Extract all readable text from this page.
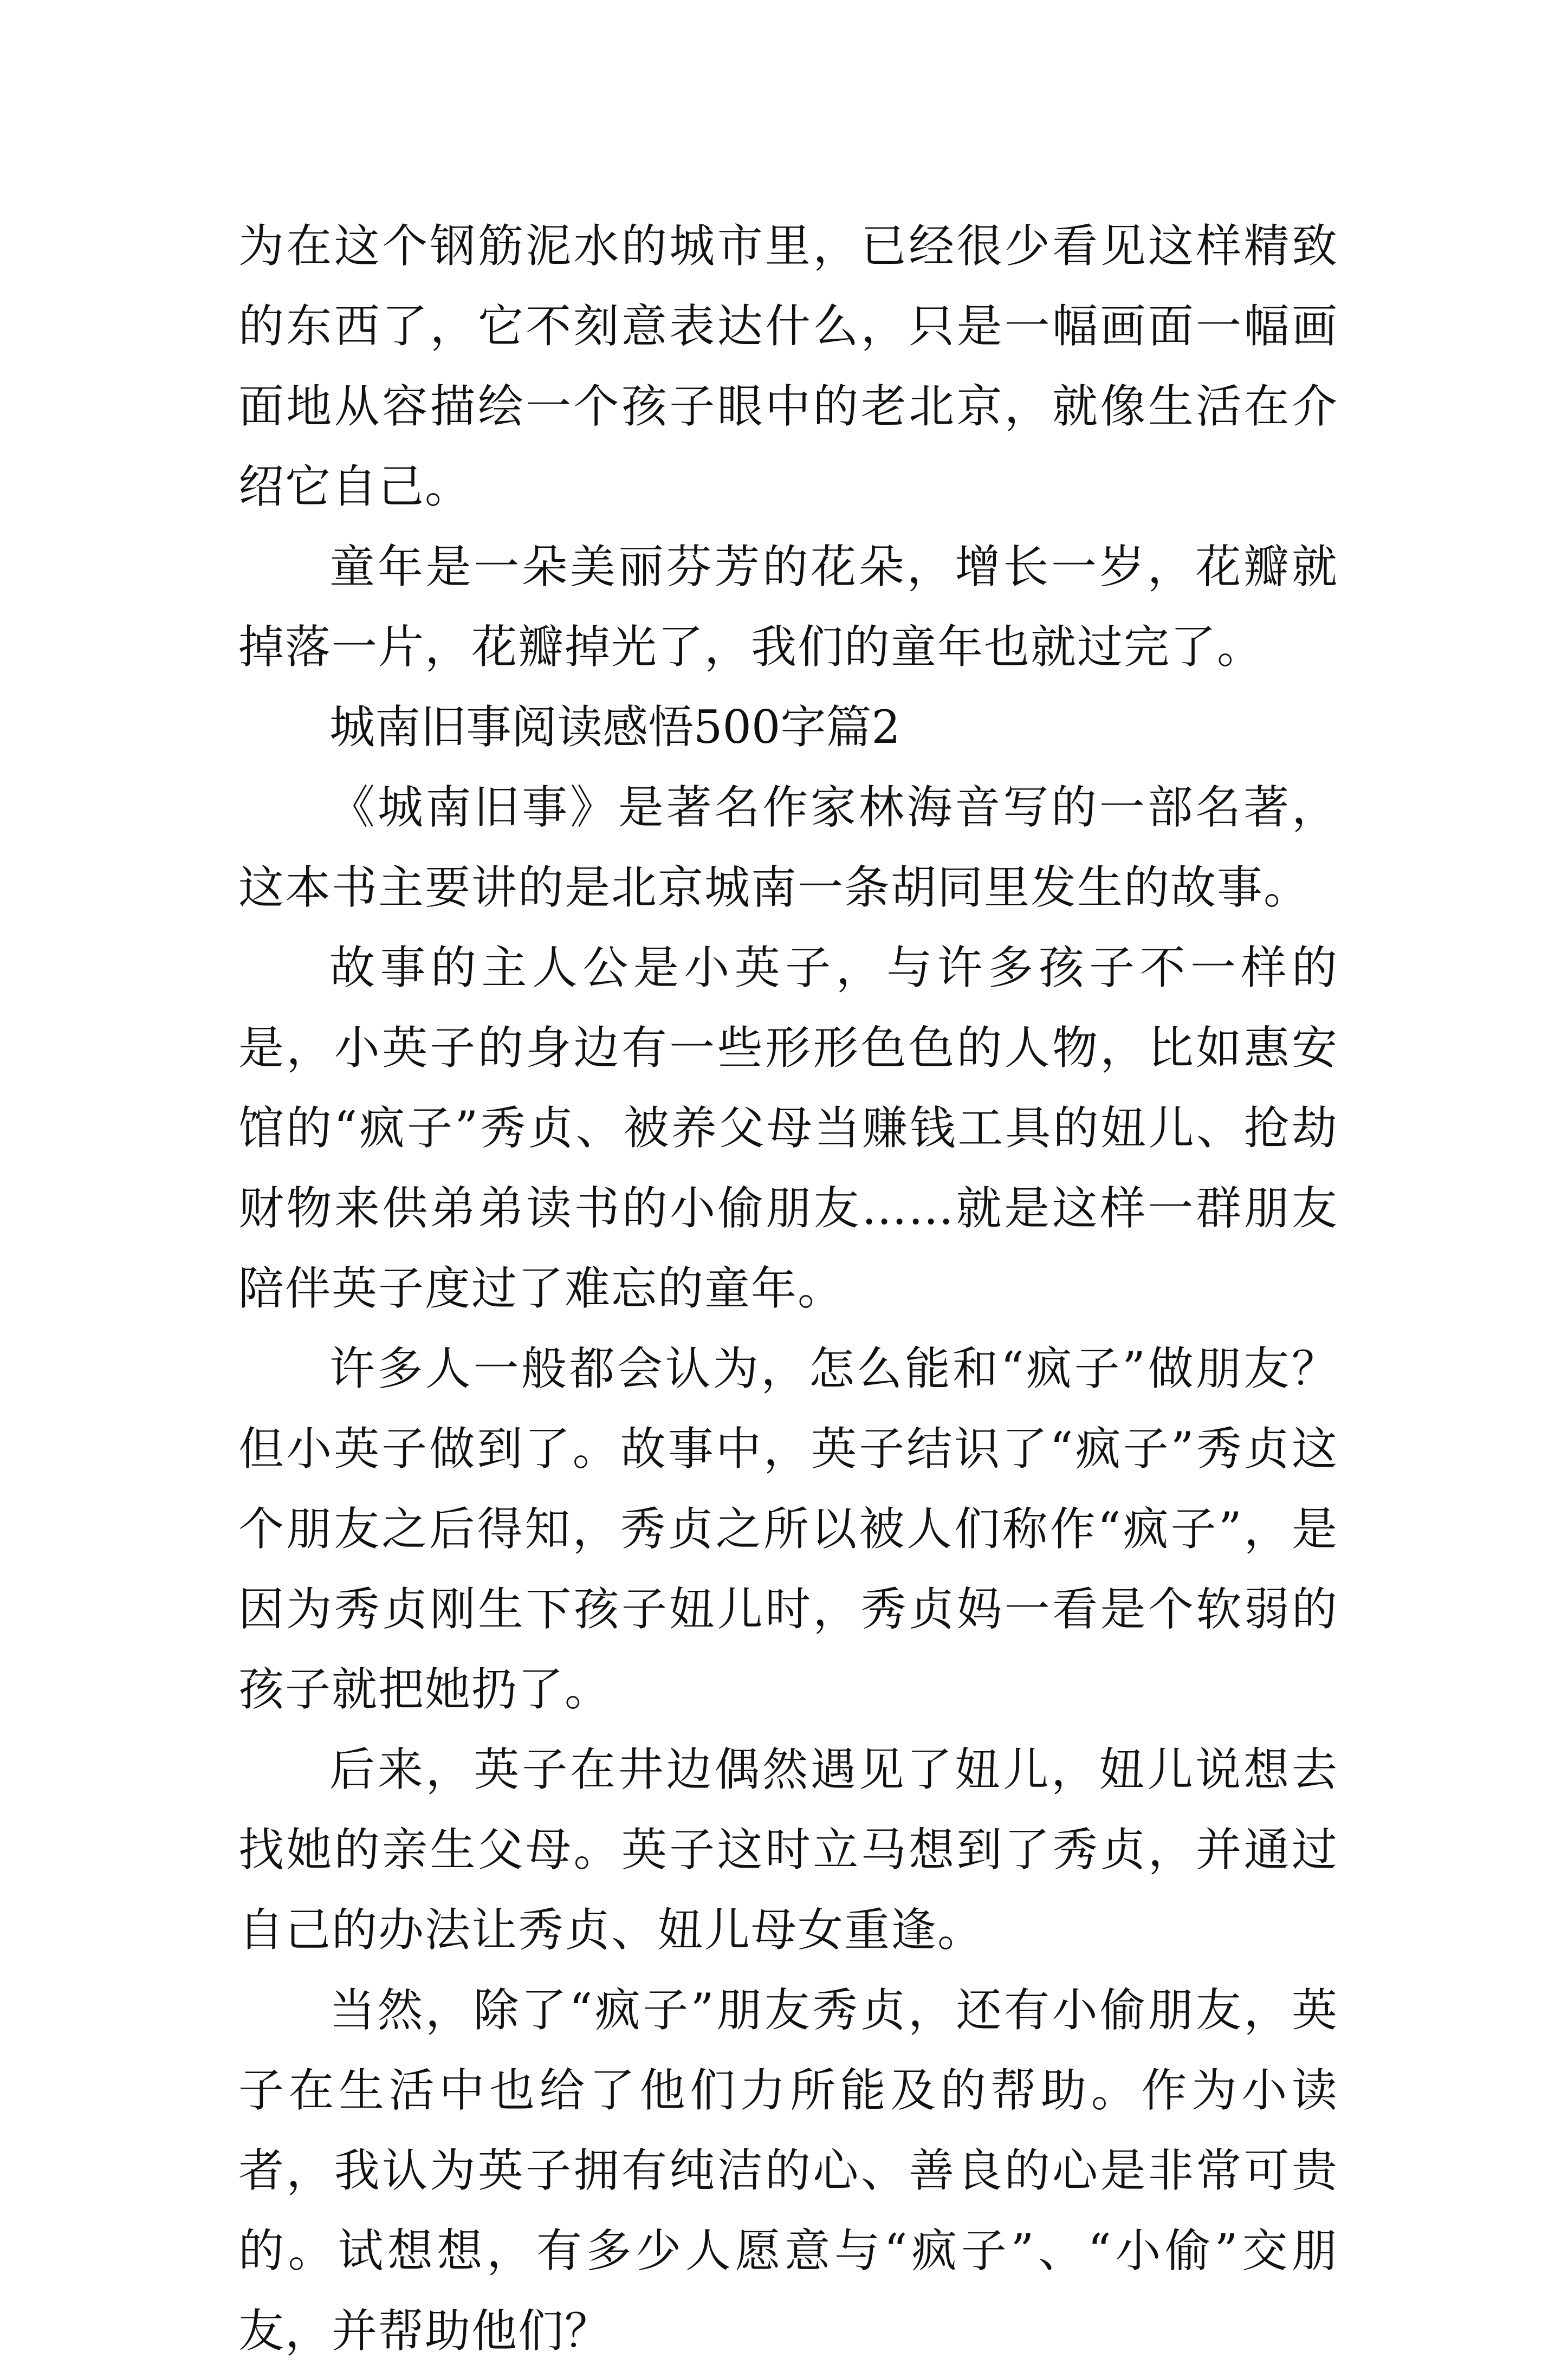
为在这个钢筋泥水的城市里，已经很少看见这样精致的东西了，它不刻意表达什么，只是一幅画面一幅画面地从容描绘一个孩子眼中的老北京，就像生活在介绍它自己。

童年是一朵美丽芬芳的花朵，增长一岁，花瓣就掉落一片，花瓣掉光了，我们的童年也就过完了。

城南旧事阅读感悟500字篇2

《城南旧事》是著名作家林海音写的一部名著，这本书主要讲的是北京城南一条胡同里发生的故事。

故事的主人公是小英子，与许多孩子不一样的是，小英子的身边有一些形形色色的人物，比如惠安馆的“疯子”秀贞、被养父母当赚钱工具的妞儿、抢劫财物来供弟弟读书的小偷朋友……就是这样一群朋友陪伴英子度过了难忘的童年。

许多人一般都会认为，怎么能和“疯子”做朋友？但小英子做到了。故事中，英子结识了“疯子”秀贞这个朋友之后得知，秀贞之所以被人们称作“疯子”，是因为秀贞刚生下孩子妞儿时，秀贞妈一看是个软弱的孩子就把她扔了。

后来，英子在井边偶然遇见了妞儿，妞儿说想去找她的亲生父母。英子这时立马想到了秀贞，并通过自己的办法让秀贞、妞儿母女重逢。

当然，除了“疯子”朋友秀贞，还有小偷朋友，英子在生活中也给了他们力所能及的帮助。作为小读者，我认为英子拥有纯洁的心、善良的心是非常可贵的。试想想，有多少人愿意与“疯子”、“小偷”交朋友，并帮助他们？
